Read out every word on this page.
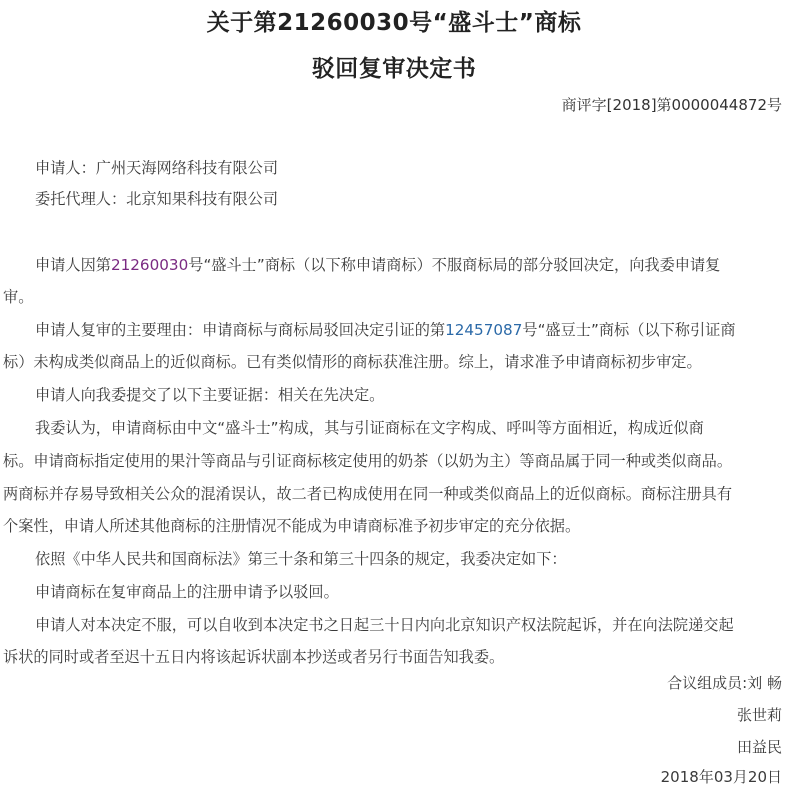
关于第21260030号“盛斗士”商标
驳回复审决定书
商评字[2018]第0000044872号
申请人：广州天海网络科技有限公司
委托代理人：北京知果科技有限公司
申请人因第21260030号“盛斗士”商标（以下称申请商标）不服商标局的部分驳回决定，向我委申请复
审。
申请人复审的主要理由：申请商标与商标局驳回决定引证的第12457087号“盛豆士”商标（以下称引证商
标）未构成类似商品上的近似商标。已有类似情形的商标获准注册。综上，请求准予申请商标初步审定。
申请人向我委提交了以下主要证据：相关在先决定。
我委认为，申请商标由中文“盛斗士”构成，其与引证商标在文字构成、呼叫等方面相近，构成近似商
标。申请商标指定使用的果汁等商品与引证商标核定使用的奶茶（以奶为主）等商品属于同一种或类似商品。
两商标并存易导致相关公众的混淆误认，故二者已构成使用在同一种或类似商品上的近似商标。商标注册具有
个案性，申请人所述其他商标的注册情况不能成为申请商标准予初步审定的充分依据。
依照《中华人民共和国商标法》第三十条和第三十四条的规定，我委决定如下：
申请商标在复审商品上的注册申请予以驳回。
申请人对本决定不服，可以自收到本决定书之日起三十日内向北京知识产权法院起诉，并在向法院递交起
诉状的同时或者至迟十五日内将该起诉状副本抄送或者另行书面告知我委。
合议组成员:刘 畅
张世莉
田益民
2018年03月20日
